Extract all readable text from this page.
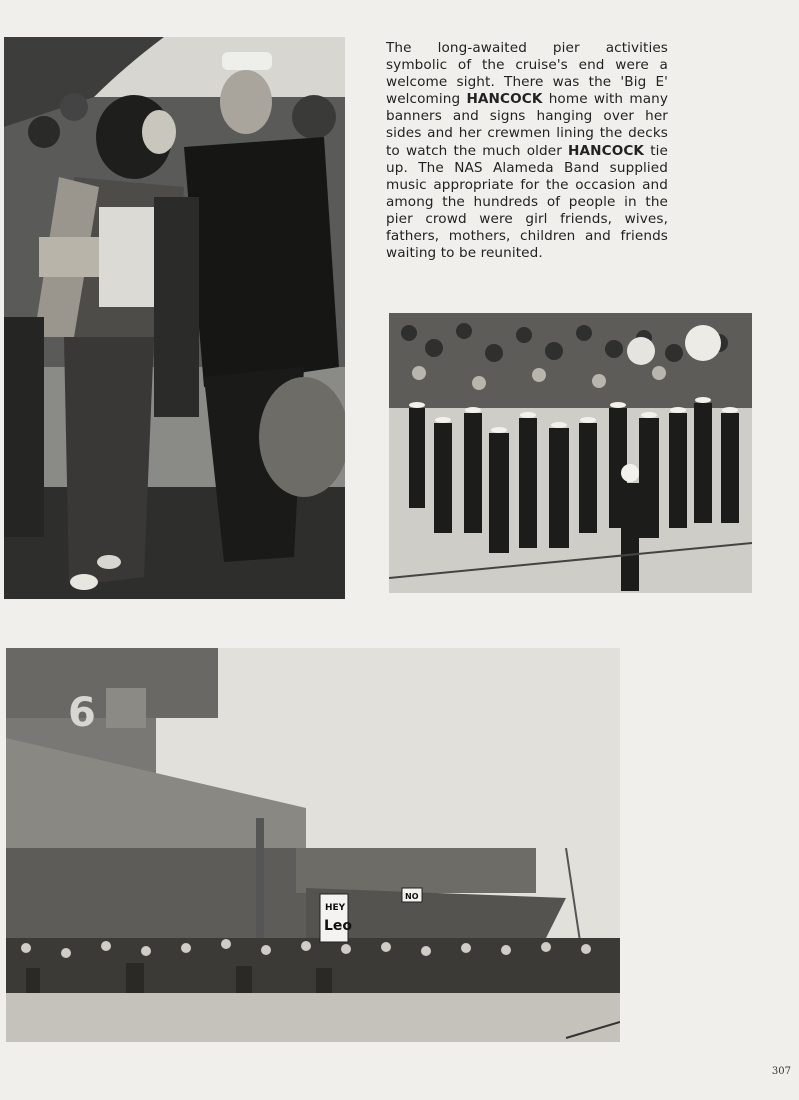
The long-awaited pier activities symbolic of the cruise's end were a welcome sight. There was the 'Big E' welcoming HANCOCK home with many banners and signs hanging over her sides and her crewmen lining the decks to watch the much older HANCOCK tie up. The NAS Alameda Band supplied music appropriate for the occasion and among the hundreds of people in the pier crowd were girl friends, wives, fathers, mothers, children and friends waiting to be reunited.

6
HEY
Leo
NO
307
